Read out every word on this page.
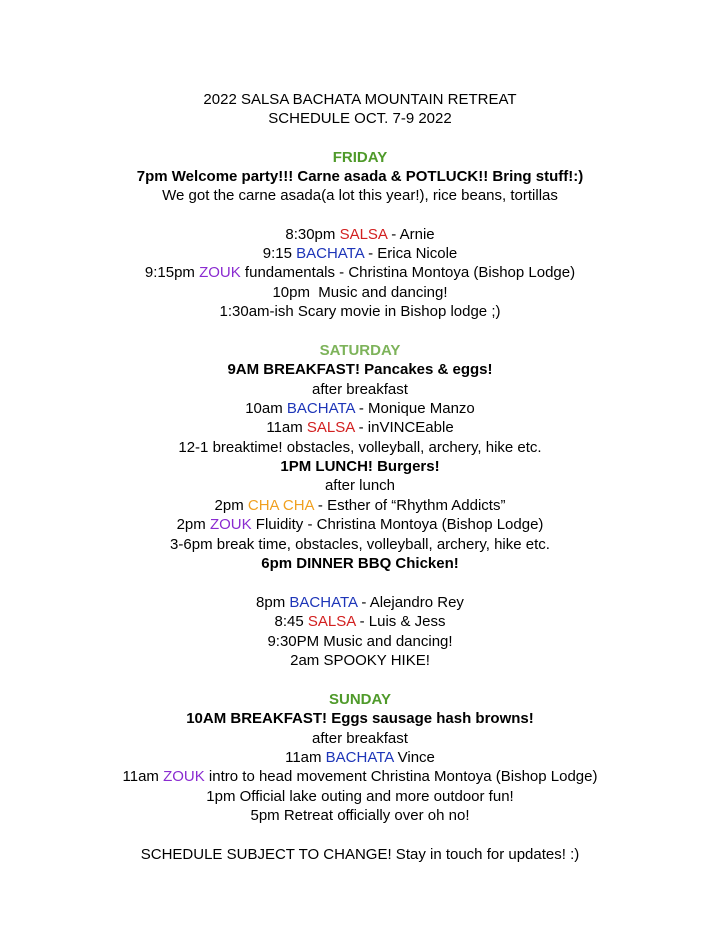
2022 SALSA BACHATA MOUNTAIN RETREAT
SCHEDULE OCT. 7-9 2022
FRIDAY
7pm Welcome party!!! Carne asada & POTLUCK!! Bring stuff!:)
We got the carne asada(a lot this year!), rice beans, tortillas
8:30pm SALSA - Arnie
9:15 BACHATA - Erica Nicole
9:15pm ZOUK fundamentals - Christina Montoya (Bishop Lodge)
10pm  Music and dancing!
1:30am-ish Scary movie in Bishop lodge ;)
SATURDAY
9AM BREAKFAST! Pancakes & eggs!
after breakfast
10am BACHATA - Monique Manzo
11am SALSA - inVINCEable
12-1 breaktime! obstacles, volleyball, archery, hike etc.
1PM LUNCH! Burgers!
after lunch
2pm CHA CHA - Esther of “Rhythm Addicts”
2pm ZOUK Fluidity - Christina Montoya (Bishop Lodge)
3-6pm break time, obstacles, volleyball, archery, hike etc.
6pm DINNER BBQ Chicken!
8pm BACHATA - Alejandro Rey
8:45 SALSA - Luis & Jess
9:30PM Music and dancing!
2am SPOOKY HIKE!
SUNDAY
10AM BREAKFAST! Eggs sausage hash browns!
after breakfast
11am BACHATA Vince
11am ZOUK intro to head movement Christina Montoya (Bishop Lodge)
1pm Official lake outing and more outdoor fun!
5pm Retreat officially over oh no!
SCHEDULE SUBJECT TO CHANGE! Stay in touch for updates! :)
